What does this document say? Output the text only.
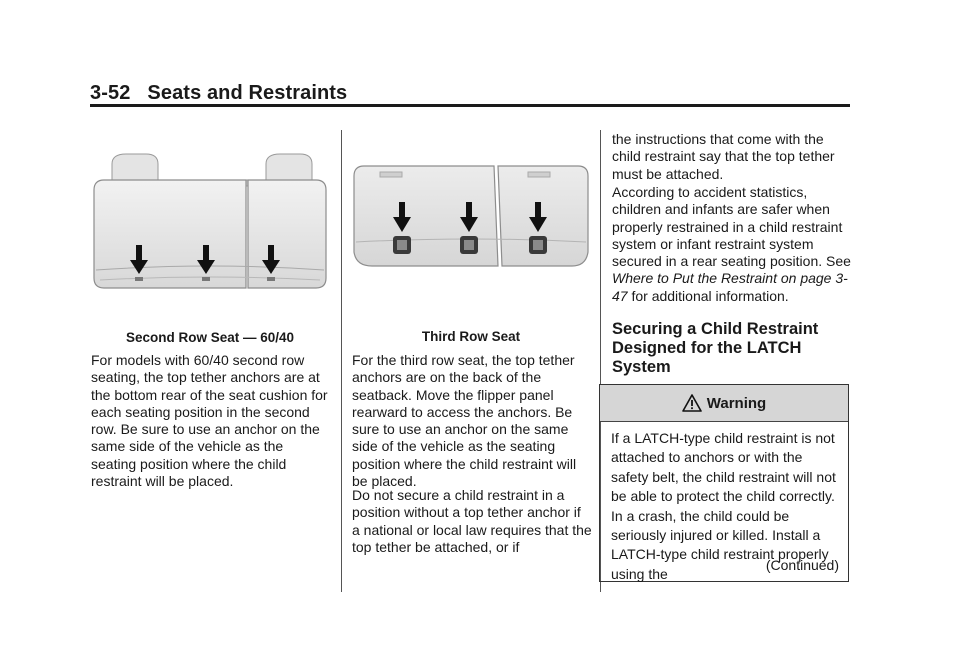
3-52 Seats and Restraints
Second Row Seat — 60/40	Third Row Seat

For models with 60/40 second row seating, the top tether anchors are at the bottom rear of the seat cushion for each seating position in the second row. Be sure to use an anchor on the same side of the vehicle as the seating position where the child restraint will be placed.

For the third row seat, the top tether anchors are on the back of the seatback. Move the flipper panel rearward to access the anchors. Be sure to use an anchor on the same side of the vehicle as the seating position where the child restraint will be placed.

Do not secure a child restraint in a position without a top tether anchor if a national or local law requires that the top tether be attached, or if

the instructions that come with the child restraint say that the top tether must be attached.

According to accident statistics, children and infants are safer when properly restrained in a child restraint system or infant restraint system secured in a rear seating position. See Where to Put the Restraint on page 3-47 for additional information.

Securing a Child Restraint Designed for the LATCH System
Warning
If a LATCH-type child restraint is not attached to anchors or with the safety belt, the child restraint will not be able to protect the child correctly. In a crash, the child could be seriously injured or killed. Install a LATCH-type child restraint properly using the
(Continued)
